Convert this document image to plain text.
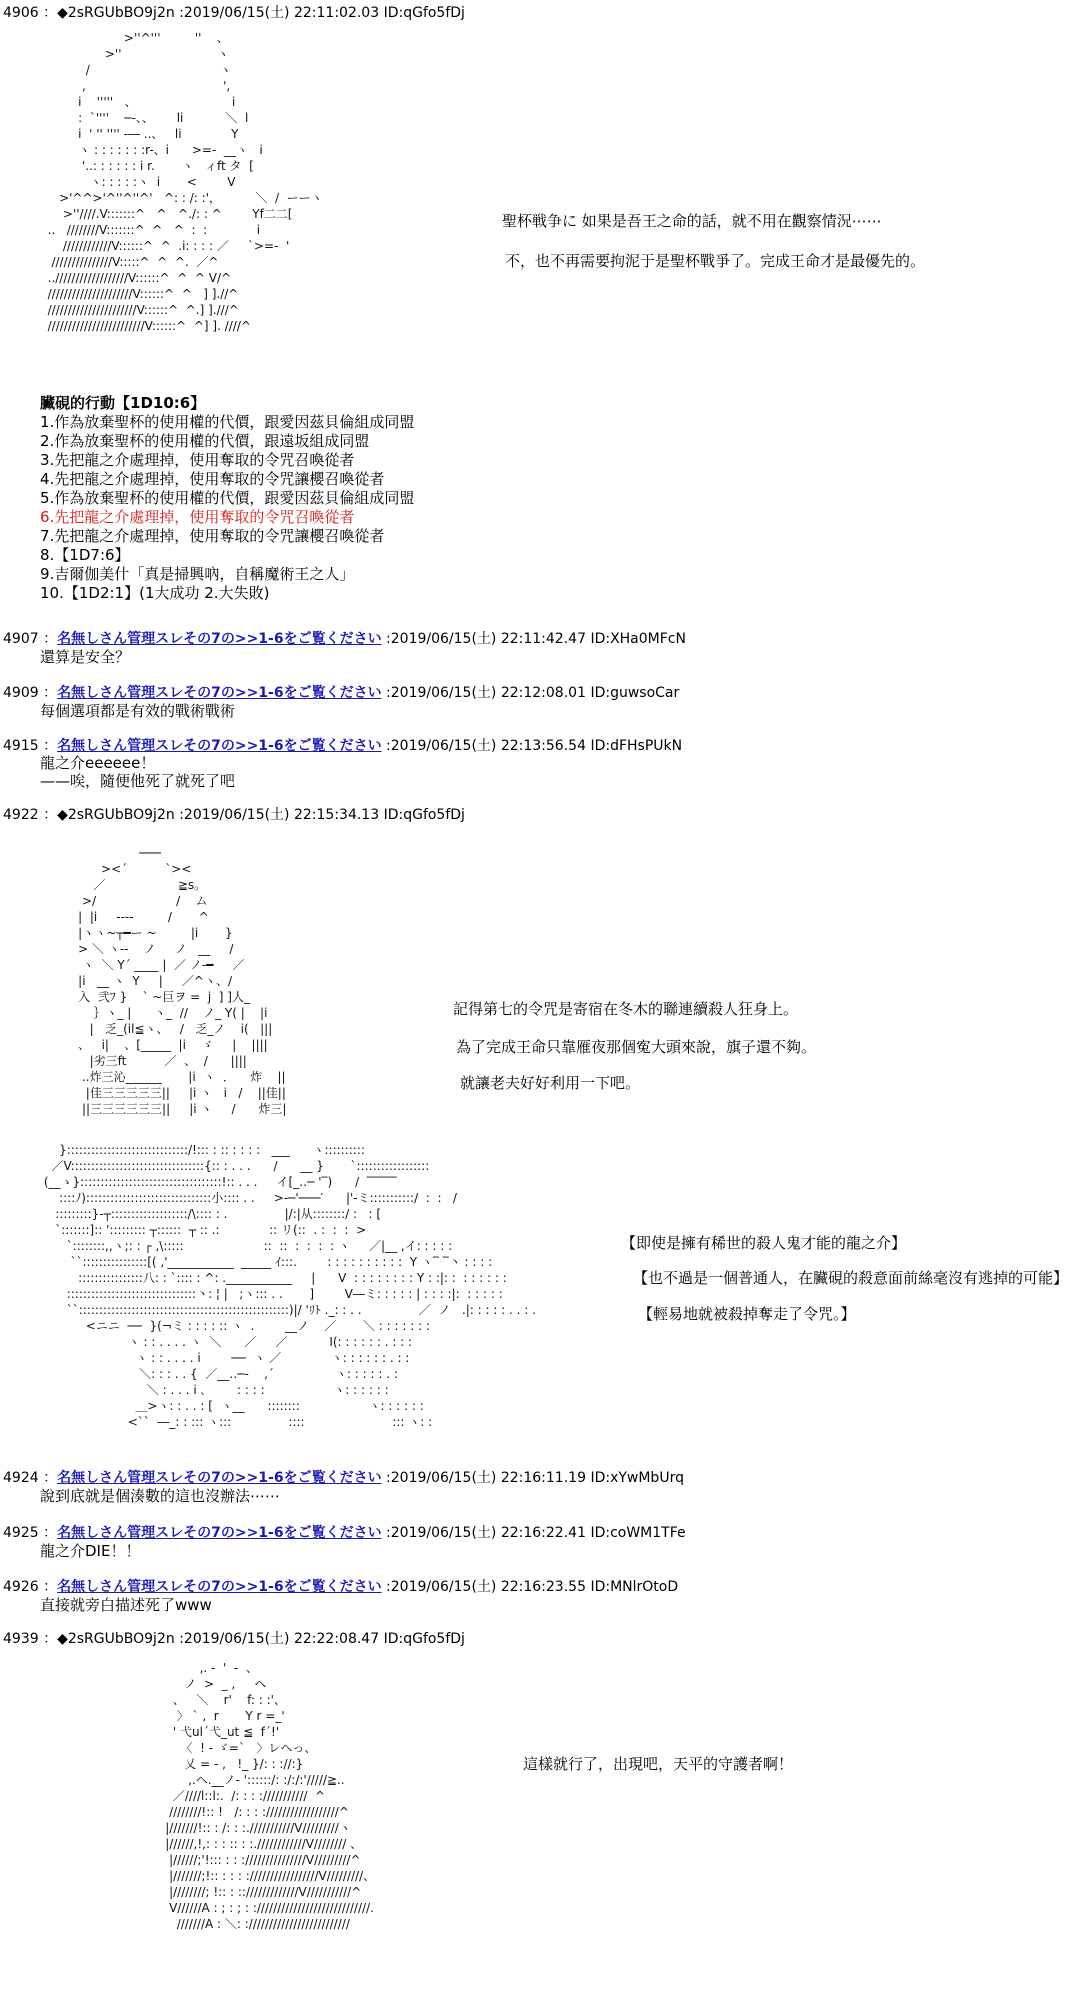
4906 ：◆2sRGUbBO9j2n :2019/06/15(土) 22:11:02.03 ID:qGfo5fDj
>''^'''         ''    、
>''                         ヽ
/                                  ヽ
,                                    ',
i    '''''   、                         i
:  `''''    ─-、、      li           ＼  l
i  ' '' '''' ‐― ..、   li             Y
ヽ : : : : : : :r-、i      >=-  __ヽ   i
'..: : : : : : i r.       ヽ   ィft タ  [
ヽ: : : : :ヽ  i       <        V
>'^^>'^''^''^'   ^: : /: :'，         ＼  /  ーーヽ
>''////.V:::::::^   ^   ^./: : ^        Yf二二[
..   ////////V:::::::^  ^   ^  :  :             i
////////////V::::::^  ^  .i: : : : ／     `>=-  '
///////////////V:::::^  ^  ^.  ／^
..//////////////////V::::::^  ^  ^ V/^
/////////////////////V::::::^  ^   ] ].//^
//////////////////////V::::::^  ^.] ].///^
////////////////////////V::::::^  ^] ]. ////^

聖杯戦争に 如果是吾王之命的話，就不用在觀察情況⋯⋯
不，也不再需要拘泥于是聖杯戰爭了。完成王命才是最優先的。
臟硯的行動【1D10:6】
1.作為放棄聖杯的使用權的代價，跟愛因茲貝倫組成同盟
2.作為放棄聖杯的使用權的代價，跟遠坂組成同盟
3.先把龍之介處理掉，使用奪取的令咒召喚從者
4.先把龍之介處理掉，使用奪取的令咒讓櫻召喚從者
5.作為放棄聖杯的使用權的代價，跟愛因茲貝倫組成同盟
6.先把龍之介處理掉，使用奪取的令咒召喚從者
7.先把龍之介處理掉，使用奪取的令咒讓櫻召喚從者
8.【1D7:6】
9.吉爾伽美什「真是掃興吶，自稱魔術王之人」
10.【1D2:1】(1大成功 2.大失敗)
4907 ：名無しさん管理スレその7の>>1-6をご覧ください :2019/06/15(土) 22:11:42.47 ID:XHa0MFcN
還算是安全？
4909 ：名無しさん管理スレその7の>>1-6をご覧ください :2019/06/15(土) 22:12:08.01 ID:guwsoCar
每個選項都是有效的戰術戰術
4915 ：名無しさん管理スレその7の>>1-6をご覧ください :2019/06/15(土) 22:13:56.54 ID:dFHsPUkN
龍之介eeeeee！
——唉，隨便他死了就死了吧
4922 ：◆2sRGUbBO9j2n :2019/06/15(土) 22:15:34.13 ID:qGfo5fDj
───
><´          `><
／                   ≧s。
>/                     /    ム
|  |i     ----         /       ^
|ヽヽ~┬━ー ~         |i       }
> ＼ ヽ--    ノ     ノ   __     /
ヽ  ＼ Y´ ____ |  ／ ノ‐━     ／
|i   __ ヽ  Y     |     ／^ヽ、/
入  弐ﾌ }    ` ~巨ヲ =  j  ] ]人_
｝ヽ_ |      ヽ_  //    ノ_ Y( |    |i
|   乏_(il≦ヽ、   /   乏_ノ    i(   |||
、   i|    、[_____  |i    ゞ     |    ||||
|劣三ft          ／  、  /      ||||
..炸三沁______       |i  ヽ  ．    炸    ||
|佳三三三三三||     |i ヽ   i   /    ||佳||
||三三三三三三||     |i ヽ     /      炸三|

記得第七的令咒是寄宿在冬木的聯連續殺人狂身上。
為了完成王命只靠雁夜那個寃大頭來說，旗子還不夠。
就讓老夫好好利用一下吧。
}::::::::::::::::::::::::::::::/!::: : :: : : : :   ___      ヽ::::::::::
／V:::::::::::::::::::::::::::::::::{:: : . . .      /      __ }       `::::::::::::::::::
(__ゝ}:::::::::::::::::::::::::::::::::::!:: . . .     イ[_‥─ '‾)      /  ‾‾‾‾‾
::::ﾉ):::::::::::::::::::::::::::::::小:::: . .     >-─'───′      |'-ミ:::::::::::/  :  :   /
:::::::::}-┬:::::::::::::::::::/\:::: : .               |/:|从::::::::/ :   : [
`:::::::]:: '::::::::: ┬::::::  ┬ :: .:             :: リ(::  . :  :  :  >
`::::::::,,ヽ;: : ┌ ,\:::::                     ::  ::  :  :  :  : ヽ     ／|__ ,イ: : : : :
``::::::::::::::::[( ,'___________  _____ ｲ:::.        : : : : : : : : : :  Y ヽ‾ ‾丶 : : : :
::::::::::::::::八: : `:::: : ^: .___________     |      V  : : : : : : : : Y : :|: :  : : : : : :
::::::::::::::::::::::::::::::::丶: ¦ |   ;ヽ::: . .       ]        V―ミ: : : : : | : : : :|:  : : : : :
``::::::::::::::::::::::::::::::::::::::::::::::::::::)|/ 'ﾘﾄ ._: : . .               ／  ノ   .|: : : : : . . : .
<ニニ  ──  }(¬ミ : : : : :: ヽ  .        __ノ    ／       ＼ : : : : : : :
ヽ : : . . . . ヽ  ＼      ／     ／           Ι(: : : : : : . : : :
ヽ : : . . . . i        ──  ヽ ／             ヽ: : : : : : . : :
＼: : : . . {  ／__‥─‐    ,´                ヽ: : : : : . :
＼ : . . . i ､        : : : :                  ヽ: : : : : :
＿>ヽ: : . . : [  ヽ__      ::::::::                  ヽ: : : : : :
<``  ―_: : ::: ヽ:::               ::::                       ::: ヽ: :

【即使是擁有稀世的殺人鬼才能的龍之介】
【也不過是一個普通人，在臟硯的殺意面前絲毫沒有逃掉的可能】
【輕易地就被殺掉奪走了令咒。】
4924 ：名無しさん管理スレその7の>>1-6をご覧ください :2019/06/15(土) 22:16:11.19 ID:xYwMbUrq
說到底就是個湊數的這也沒辦法⋯⋯
4925 ：名無しさん管理スレその7の>>1-6をご覧ください :2019/06/15(土) 22:16:22.41 ID:coWM1TFe
龍之介DIE！！
4926 ：名無しさん管理スレその7の>>1-6をご覧ください :2019/06/15(土) 22:16:23.55 ID:MNlrOtoD
直接就旁白描述死了www
4939 ：◆2sRGUbBO9j2n :2019/06/15(土) 22:22:08.47 ID:qGfo5fDj
,. -  '  -  、
ノ  >  _ ,     ヘ
、   ＼    r'    f: : :'、
〉 ` ,  r       Y r =_'
' 弋ul´弋_ut ≦  f´!'
〈  ! - ゞ=`   〉レヘっ、
乂 = - ,   !_ }/: : ://:}
,.ヘ.__ノ- '::::::/: :/:/:'/////≧..
／////l::l:.  /: : : :///////////  ^
////////!:: !   /: : : ://////////////////^
|///////!:: : /: : :.///////////V/////////ヽ
|//////,!,: : : :: : :.////////////V//////// 、
|//////;'!::: : : :///////////////V/////////^
|///////;!:: : : : ://///////////////V/////////、
|////////; !:: : :://///////////V///////////^
V//////A : ; : ; : :////////////////////////////.
///////A : ＼: ://///////////////////////

這樣就行了，出現吧，天平的守護者啊！
